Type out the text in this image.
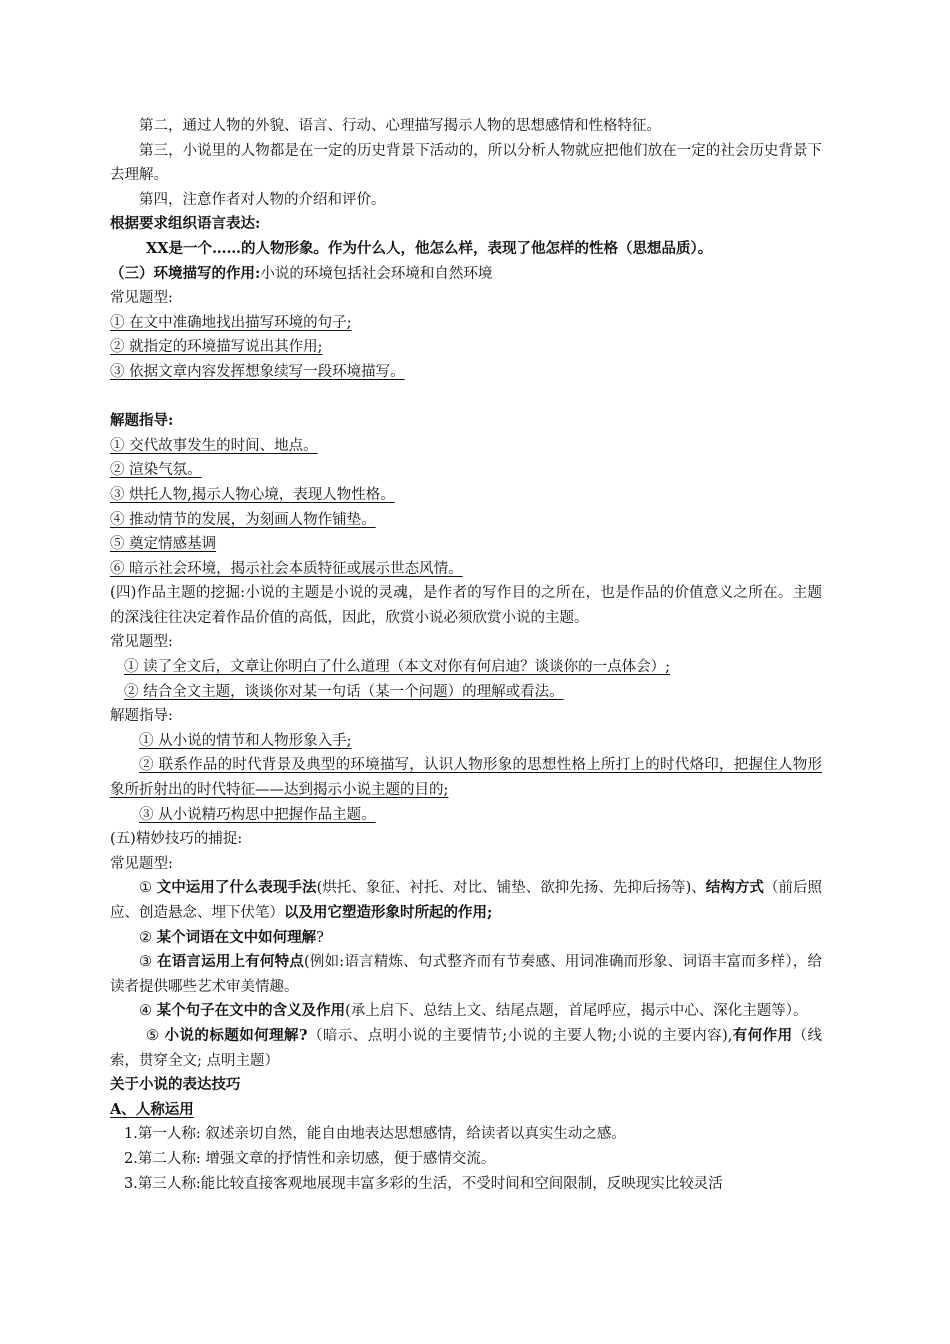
第二，通过人物的外貌、语言、行动、心理描写揭示人物的思想感情和性格特征。
第三，小说里的人物都是在一定的历史背景下活动的，所以分析人物就应把他们放在一定的社会历史背景下去理解。
第四，注意作者对人物的介绍和评价。
根据要求组织语言表达:
XX是一个……的人物形象。作为什么人，他怎么样，表现了他怎样的性格（思想品质）。
（三）环境描写的作用:小说的环境包括社会环境和自然环境
常见题型:
① 在文中准确地找出描写环境的句子;
② 就指定的环境描写说出其作用;
③ 依据文章内容发挥想象续写一段环境描写。
解题指导:
① 交代故事发生的时间、地点。
② 渲染气氛。
③ 烘托人物,揭示人物心境，表现人物性格。
④ 推动情节的发展，为刻画人物作铺垫。
⑤ 奠定情感基调
⑥ 暗示社会环境，揭示社会本质特征或展示世态风情。
(四)作品主题的挖掘:小说的主题是小说的灵魂，是作者的写作目的之所在，也是作品的价值意义之所在。主题的深浅往往决定着作品价值的高低，因此，欣赏小说必须欣赏小说的主题。
常见题型:
① 读了全文后，文章让你明白了什么道理（本文对你有何启迪？谈谈你的一点体会）;
② 结合全文主题，谈谈你对某一句话（某一个问题）的理解或看法。
解题指导:
① 从小说的情节和人物形象入手;
② 联系作品的时代背景及典型的环境描写，认识人物形象的思想性格上所打上的时代烙印，把握住人物形象所折射出的时代特征——达到揭示小说主题的目的;
③ 从小说精巧构思中把握作品主题。
(五)精妙技巧的捕捉:
常见题型:
① 文中运用了什么表现手法(烘托、象征、衬托、对比、铺垫、欲抑先扬、先抑后扬等)、结构方式（前后照应、创造悬念、埋下伏笔）以及用它塑造形象时所起的作用;
② 某个词语在文中如何理解?
③ 在语言运用上有何特点(例如:语言精炼、句式整齐而有节奏感、用词准确而形象、词语丰富而多样），给读者提供哪些艺术审美情趣。
④ 某个句子在文中的含义及作用(承上启下、总结上文、结尾点题，首尾呼应，揭示中心、深化主题等）。
⑤ 小说的标题如何理解?（暗示、点明小说的主要情节;小说的主要人物;小说的主要内容),有何作用（线索，贯穿全文; 点明主题）
关于小说的表达技巧
A、人称运用
1.第一人称: 叙述亲切自然，能自由地表达思想感情，给读者以真实生动之感。
2.第二人称: 增强文章的抒情性和亲切感，便于感情交流。
3.第三人称:能比较直接客观地展现丰富多彩的生活，不受时间和空间限制，反映现实比较灵活
